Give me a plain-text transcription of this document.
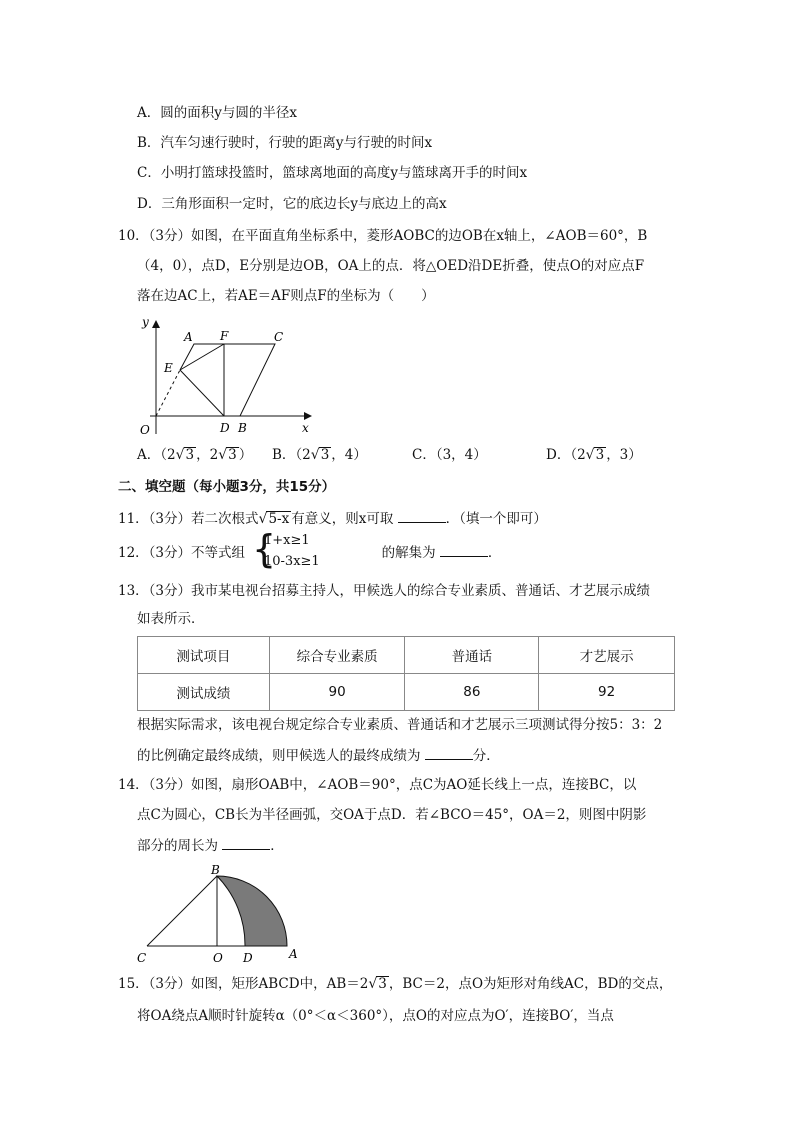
A．圆的面积y与圆的半径x
B．汽车匀速行驶时，行驶的距离y与行驶的时间x
C．小明打篮球投篮时，篮球离地面的高度y与篮球离开手的时间x
D．三角形面积一定时，它的底边长y与底边上的高x
10．（3分）如图，在平面直角坐标系中，菱形AOBC的边OB在x轴上，∠AOB＝60°，B
（4，0），点D，E分别是边OB，OA上的点．将△OED沿DE折叠，使点O的对应点F
落在边AC上，若AE＝AF则点F的坐标为（　　）
y
x
O
A F	C
E
D B
A．（2√3 ，2√3 ） B．（2√3 ，4）	C．（3，4）	D．（2√3 ，3）
二、填空题（每小题3分，共15分）
11．（3分）若二次根式√5-x 有意义，则x可取	．（填一个即可）
12．（3分）不等式组	的解集为	．
{
1+x≥1
10-3x≥1
13．（3分）我市某电视台招募主持人，甲候选人的综合专业素质、普通话、才艺展示成绩
如表所示．
测试项目	综合专业素质	普通话	才艺展示
测试成绩	90	86	92
根据实际需求，该电视台规定综合专业素质、普通话和才艺展示三项测试得分按5：3：2
的比例确定最终成绩，则甲候选人的最终成绩为	分．
14．（3分）如图，扇形OAB中，∠AOB＝90°，点C为AO延长线上一点，连接BC，以
点C为圆心，CB长为半径画弧，交OA于点D．若∠BCO＝45°，OA＝2，则图中阴影
部分的周长为	．
B
C	O D	A
15．（3分）如图，矩形ABCD中，AB＝2√3 ，BC＝2，点O为矩形对角线AC，BD的交点，
将OA绕点A顺时针旋转α（0°＜α＜360°），点O的对应点为O′，连接BO′，当点
